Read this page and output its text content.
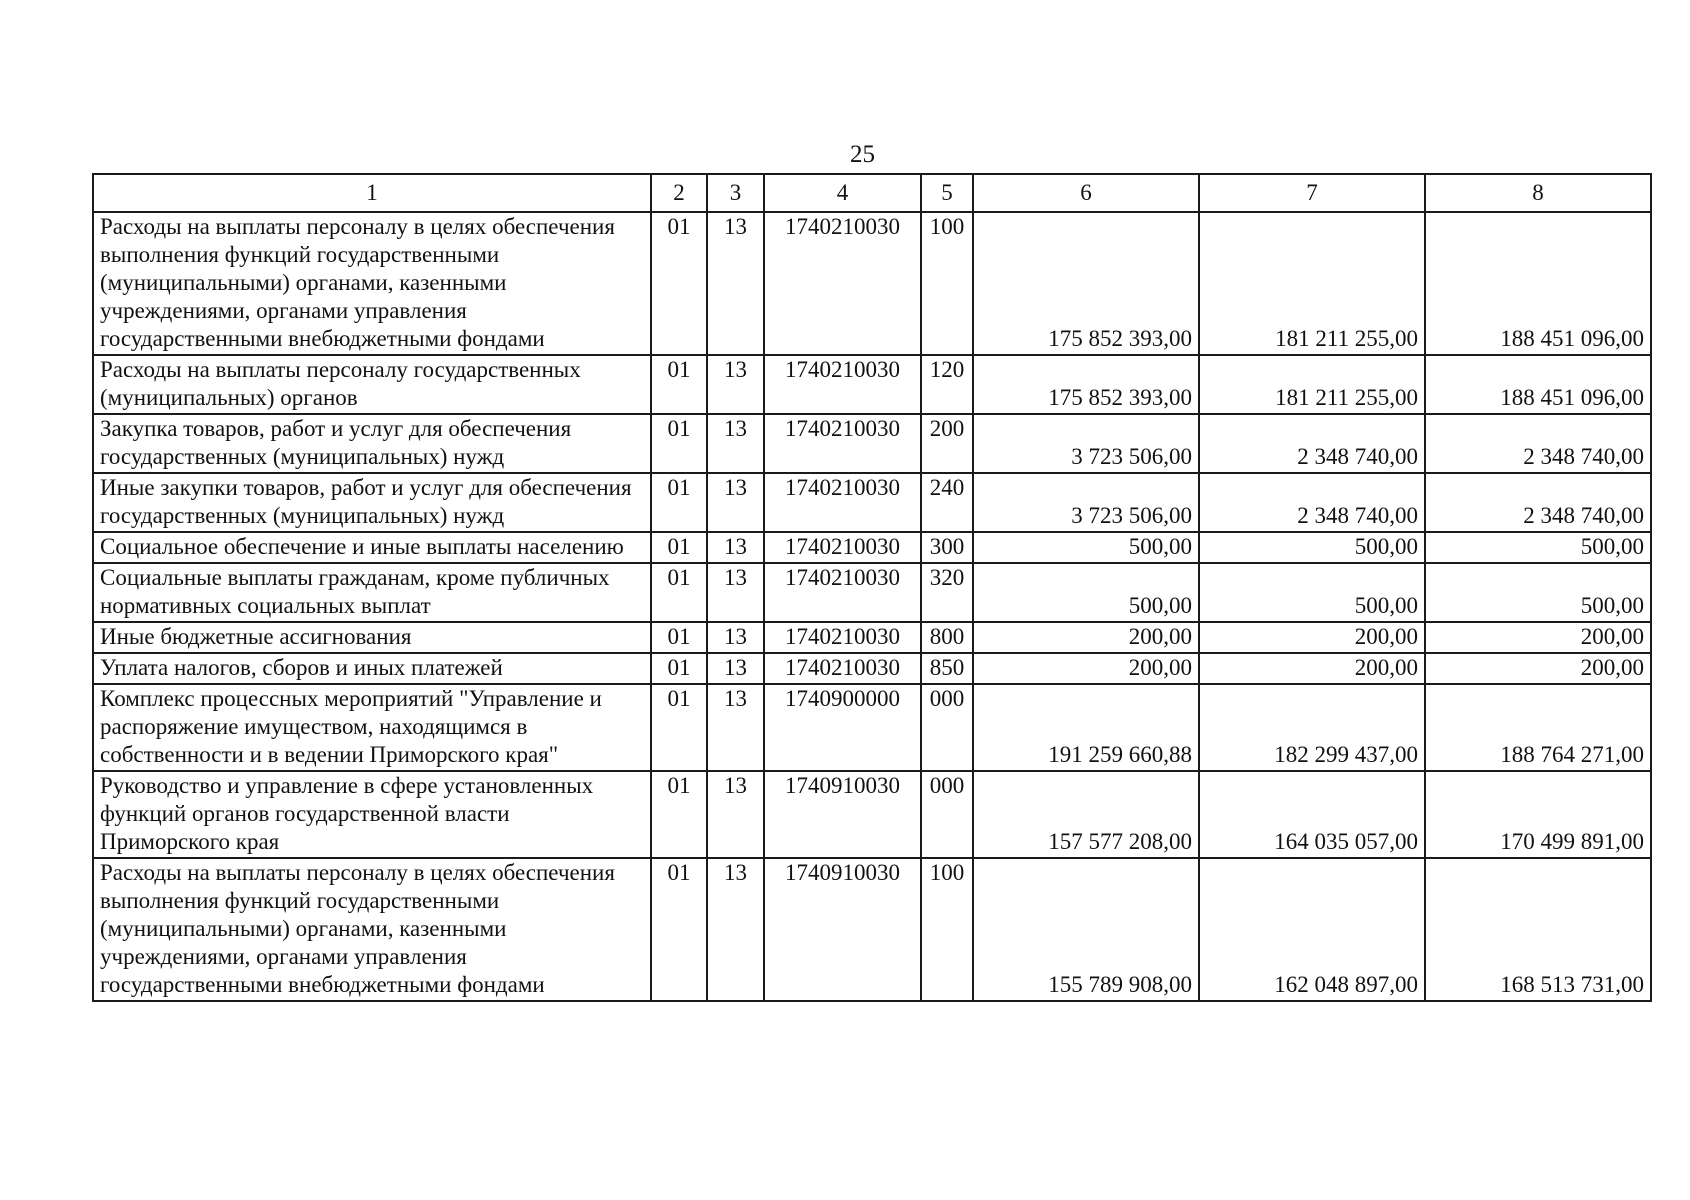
25
1	2	3	4	5	6	7	8
Расходы на выплаты персоналу в целях обеспечения выполнения функций государственными (муниципальными) органами, казенными учреждениями, органами управления государственными внебюджетными фондами	01	13	1740210030	100	175 852 393,00	181 211 255,00	188 451 096,00
Расходы на выплаты персоналу государственных (муниципальных) органов	01	13	1740210030	120	175 852 393,00	181 211 255,00	188 451 096,00
Закупка товаров, работ и услуг для обеспечения государственных (муниципальных) нужд	01	13	1740210030	200	3 723 506,00	2 348 740,00	2 348 740,00
Иные закупки товаров, работ и услуг для обеспечения государственных (муниципальных) нужд	01	13	1740210030	240	3 723 506,00	2 348 740,00	2 348 740,00
Социальное обеспечение и иные выплаты населению	01	13	1740210030	300	500,00	500,00	500,00
Социальные выплаты гражданам, кроме публичных нормативных социальных выплат	01	13	1740210030	320	500,00	500,00	500,00
Иные бюджетные ассигнования	01	13	1740210030	800	200,00	200,00	200,00
Уплата налогов, сборов и иных платежей	01	13	1740210030	850	200,00	200,00	200,00
Комплекс процессных мероприятий "Управление и распоряжение имуществом, находящимся в собственности и в ведении Приморского края"	01	13	1740900000	000	191 259 660,88	182 299 437,00	188 764 271,00
Руководство и управление в сфере установленных функций органов государственной власти Приморского края	01	13	1740910030	000	157 577 208,00	164 035 057,00	170 499 891,00
Расходы на выплаты персоналу в целях обеспечения выполнения функций государственными (муниципальными) органами, казенными учреждениями, органами управления государственными внебюджетными фондами	01	13	1740910030	100	155 789 908,00	162 048 897,00	168 513 731,00
